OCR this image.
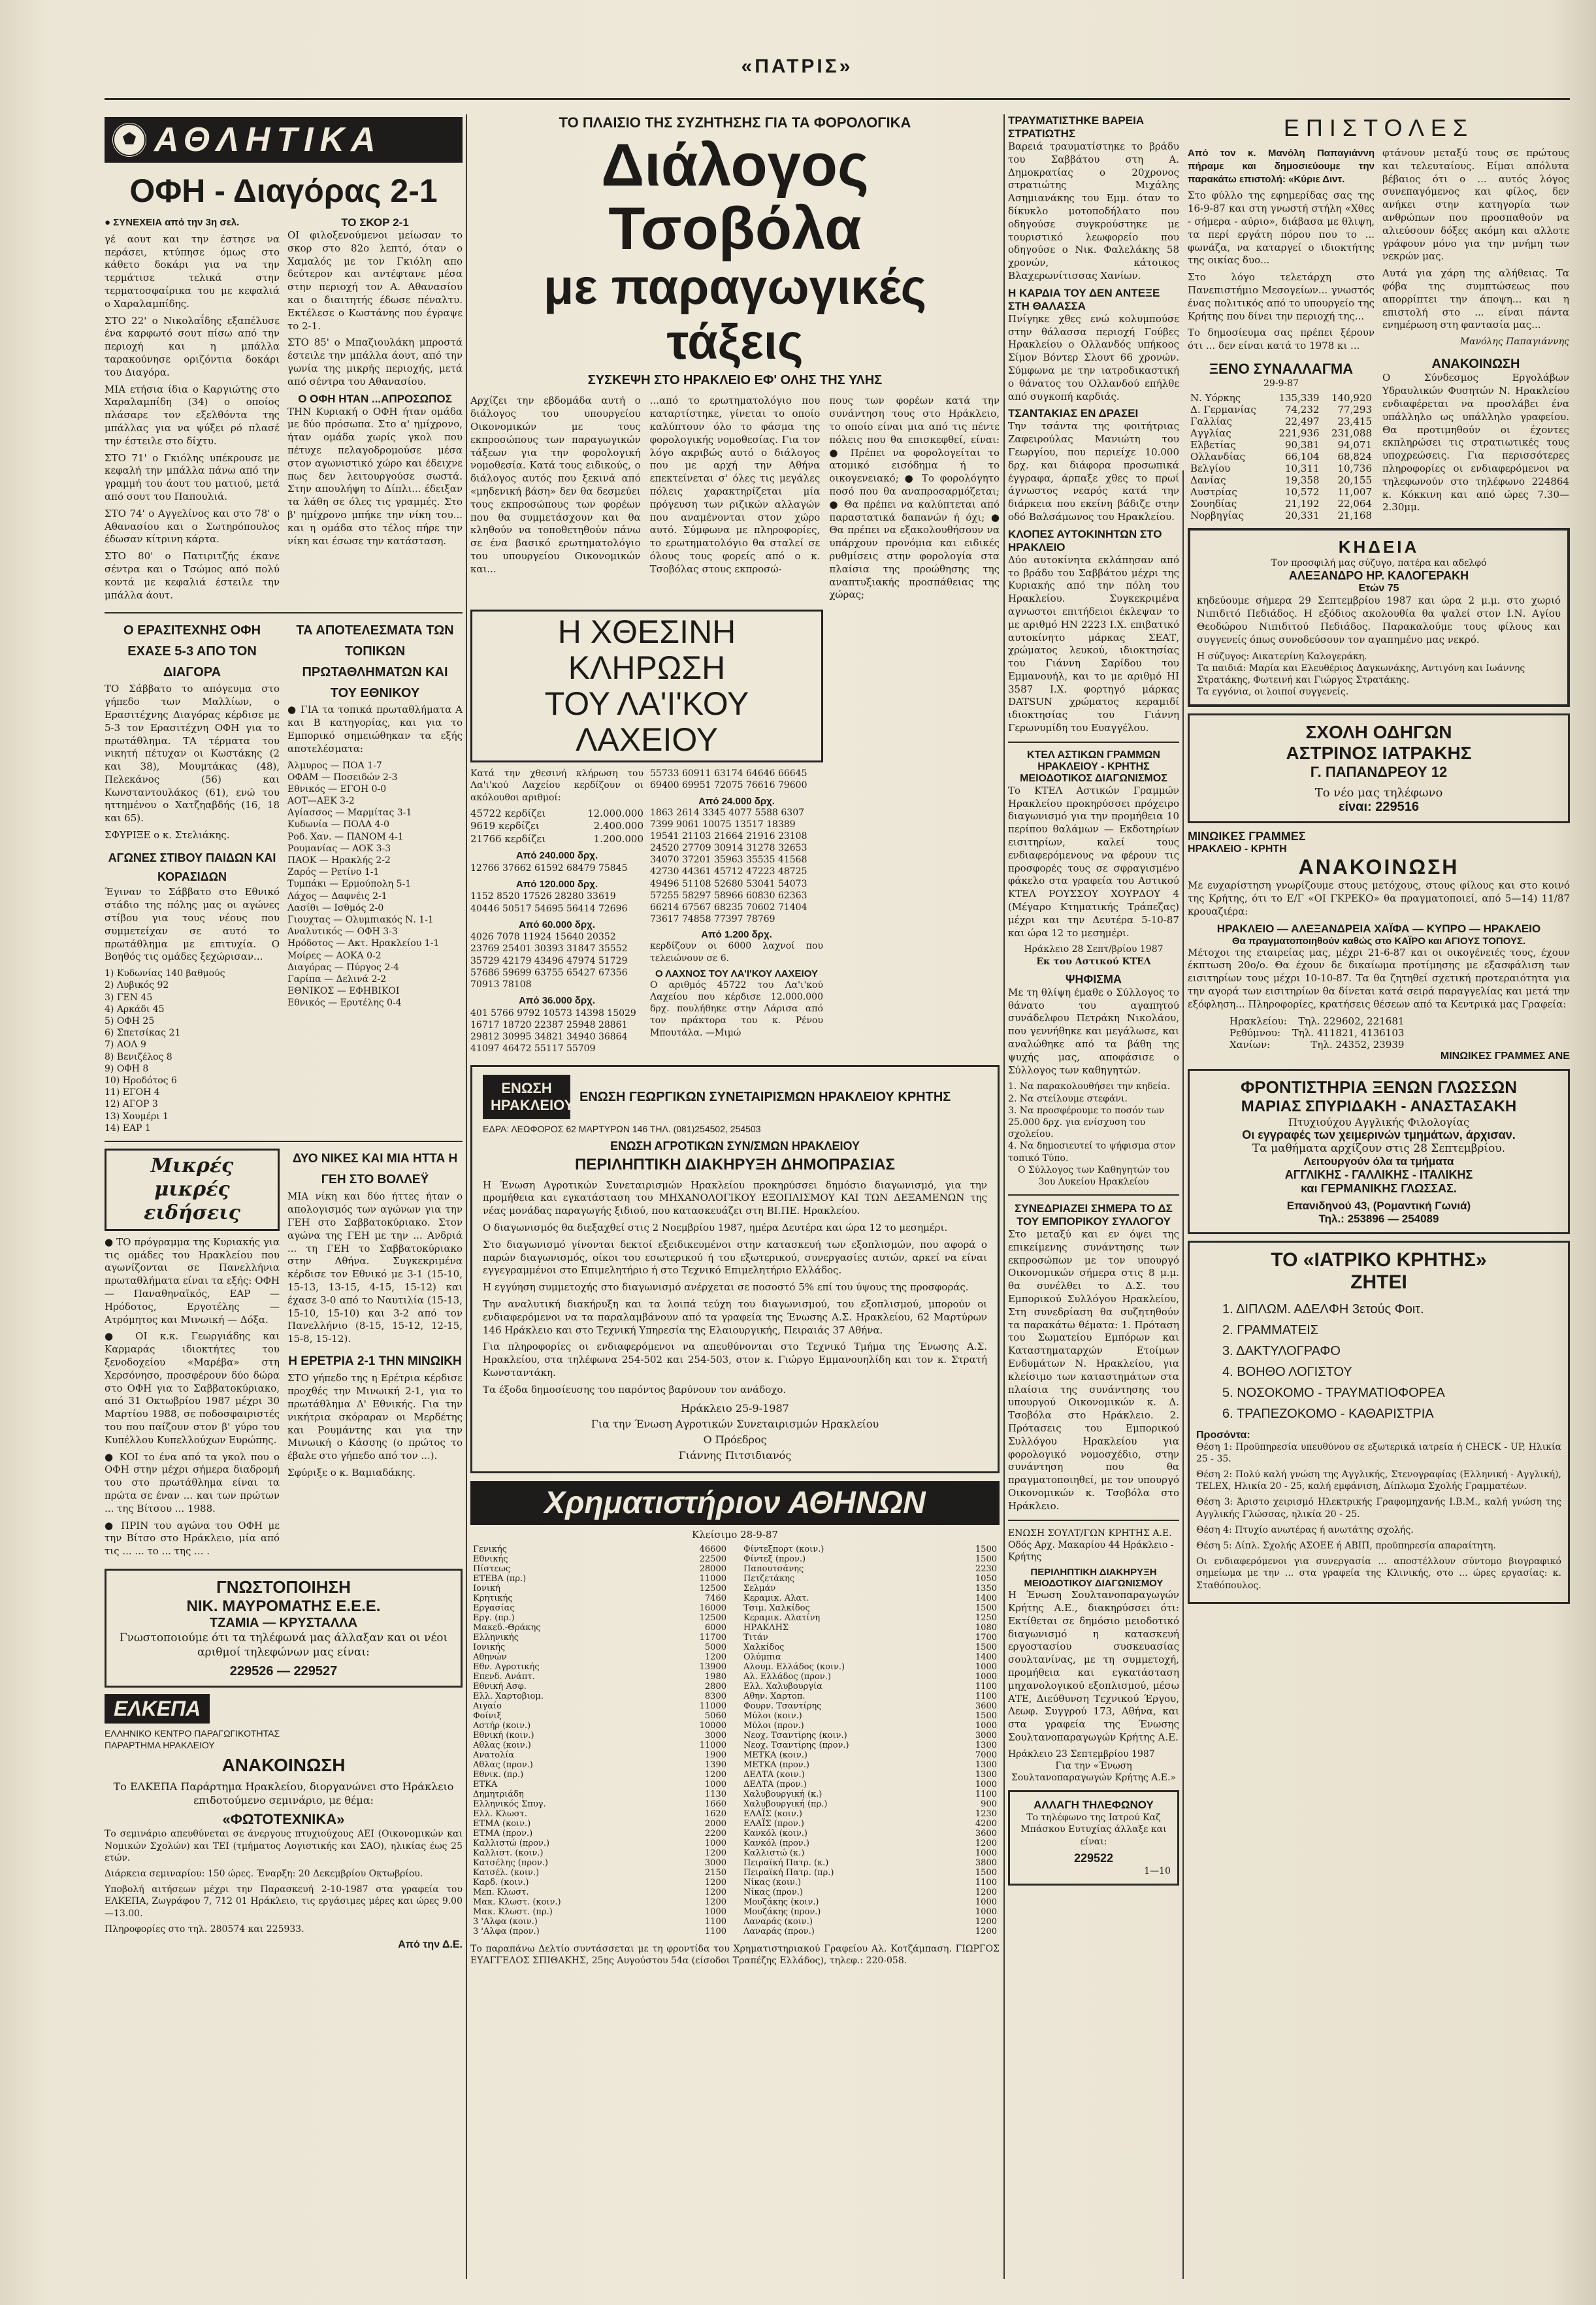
«ΠΑΤΡΙΣ»
ΑΘΛΗΤΙΚΑ
ΟΦΗ - Διαγόρας 2-1
● ΣΥΝΕΧΕΙΑ από την 3η σελ.

γέ αουτ και την έστησε να περάσει, κτύπησε όμως στο κάθετο δοκάρι για να την τερμάτισε τελικά στην τερματοσφαίρικα του με κεφαλιά ο Χαραλαμπίδης.

ΣΤΟ 22' ο Νικολαΐδης εξαπέλυσε ένα καρφωτό σουτ πίσω από την περιοχή και η μπάλλα ταρακούνησε οριζόντια δοκάρι του Διαγόρα.

ΜΙΑ ετήσια ίδια ο Καργιώτης στο Χαραλαμπίδη (34) ο οποίος πλάσαρε τον εξελθόντα της μπάλλας για να ψύξει ρό πλασέ την έστειλε στο δίχτυ.

ΣΤΟ 71' ο Γκιόλης υπέκρουσε με κεφαλή την μπάλλα πάνω από την γραμμή του άουτ του ματιού, μετά από σουτ του Παπουλιά.

ΣΤΟ 74' ο Αγγελίνος και στο 78' ο Αθανασίου και ο Σωτηρόπουλος έδωσαν κίτρινη κάρτα.

ΣΤΟ 80' ο Πατιριτζής έκανε σέντρα και ο Τσώμος από πολύ κοντά με κεφαλιά έστειλε την μπάλλα άουτ.

ΤΟ ΣΚΟΡ 2-1

ΟΙ φιλοξενούμενοι μείωσαν το σκορ στο 82ο λεπτό, όταν ο Χαμαλός με τον Γκιόλη απο δεύτερον και αντέφτανε μέσα στην περιοχή τον Α. Αθανασίου και ο διαιτητής έδωσε πέναλτυ. Εκτέλεσε ο Κωστάνης που έγραψε το 2-1.

ΣΤΟ 85' ο Μπαζιουλάκη μπροστά έστειλε την μπάλλα άουτ, από την γωνία της μικρής περιοχής, μετά από σέντρα του Αθανασίου.

Ο ΟΦΗ ΗΤΑΝ ...ΑΠΡΟΣΩΠΟΣ

ΤΗΝ Κυριακή ο ΟΦΗ ήταν ομάδα με δύο πρόσωπα. Στο α' ημίχρονο, ήταν ομάδα χωρίς γκολ που πέτυχε πελαγοδρομούσε μέσα στον αγωνιστικό χώρο και έδειχνε πως δεν λειτουργούσε σωστά. Στην απουλήψη το Δίπλι... έδειξαν τα λάθη σε όλες τις γραμμές. Στο β' ημίχρονο μπήκε την νίκη του... και η ομάδα στο τέλος πήρε την νίκη και έσωσε την κατάσταση.

Ο ΕΡΑΣΙΤΕΧΝΗΣ ΟΦΗ ΕΧΑΣΕ 5-3 ΑΠΟ ΤΟΝ ΔΙΑΓΟΡΑ

ΤΟ Σάββατο το απόγευμα στο γήπεδο των Μαλλίων, ο Ερασιτέχνης Διαγόρας κέρδισε με 5-3 τον Ερασιτέχνη ΟΦΗ για το πρωτάθλημα. ΤΑ τέρματα του νικητή πέτυχαν οι Κωστάκης (2 και 38), Μουμτάκας (48), Πελεκάνος (56) και Κωνσταντουλάκος (61), ενώ του ηττημένου ο Χατζηαβδής (16, 18 και 65).

ΣΦΥΡΙΞΕ ο κ. Στελιάκης.

ΑΓΩΝΕΣ ΣΤΙΒΟΥ ΠΑΙΔΩΝ ΚΑΙ ΚΟΡΑΣΙΔΩΝ

Έγιναν το Σάββατο στο Εθνικό στάδιο της πόλης μας οι αγώνες στίβου για τους νέους που συμμετείχαν σε αυτό το πρωτάθλημα με επιτυχία. Ο Βοηθός τις ομάδες ξεχώρισαν...

1) Κυδωνίας 140 βαθμούς
2) Λυβικός 92
3) ΓΕΝ 45
4) Αρκάδι 45
5) ΟΦΗ 25
6) Σπετσίκας 21
7) ΑΟΛ 9
8) Βενιζέλος 8
9) ΟΦΗ 8
10) Ηροδότος 6
11) ΕΓΟΗ 4
12) ΑΓΟΡ 3
13) Χουμέρι 1
14) ΕΑΡ 1
ΤΑ ΑΠΟΤΕΛΕΣΜΑΤΑ ΤΩΝ ΤΟΠΙΚΩΝ ΠΡΩΤΑΘΛΗΜΑΤΩΝ ΚΑΙ ΤΟΥ ΕΘΝΙΚΟΥ

● ΓΙΑ τα τοπικά πρωταθλήματα Α και Β κατηγορίας, και για το Εμπορικό σημειώθηκαν τα εξής αποτελέσματα:

Άλμυρος — ΠΟΑ 1-7
ΟΦΑΜ — Ποσειδών 2-3
Εθνικός — ΕΓΟΗ 0-0
ΑΟΤ—ΑΕΚ 3-2
Αγίασσος — Μαρμίτας 3-1
Κυδωνία — ΠΟΛΑ 4-0
Ροδ. Χαν. — ΠΑΝΟΜ 4-1
Ρουμανίας — ΑΟΚ 3-3
ΠΑΟΚ — Ηρακλής 2-2
Ζαρός — Ρετίνο 1-1
Τυμπάκι — Ερμούπολη 5-1
Λάχος — Δαφνέις 2-1
Λασίθι — Ισθμός 2-0
Γιουχτας — Ολυμπιακός Ν. 1-1
Αναλυτικός — ΟΦΗ 3-3
Ηρόδοτος — Ακτ. Ηρακλείου 1-1
Μοίρες — ΑΟΚΑ 0-2
Διαγόρας — Πύργος 2-4
Γαρίπα — Δελινά 2-2
ΕΘΝΙΚΟΣ — ΕΦΗΒΙΚΟΙ
Εθνικός — Ερυτέλης 0-4
Μικρές μικρές ειδήσεις
● ΤΟ πρόγραμμα της Κυριακής για τις ομάδες του Ηρακλείου που αγωνίζονται σε Πανελλήνια πρωταθλήματα είναι τα εξής: ΟΦΗ — Παναθηναϊκός, ΕΑΡ — Ηρόδοτος, Εργοτέλης — Ατρόμητος και Μινωική — Δόξα.
● ΟΙ κ.κ. Γεωργιάδης και Καρμαράς ιδιοκτήτες του ξενοδοχείου «Μαρέβα» στη Χερσόνησο, προσφέρουν δύο δώρα στο ΟΦΗ για το Σαββατοκύριακο, από 31 Οκτωβρίου 1987 μέχρι 30 Μαρτίου 1988, σε ποδοσφαιριστές του που παίζουν στον β' γύρο του Κυπέλλου Κυπελλούχων Ευρώπης.
● ΚΟΙ το ένα από τα γκολ που ο ΟΦΗ στην μέχρι σήμερα διαδρομή του στο πρωτάθλημα είναι τα πρώτα σε έναν ... και των πρώτων ... της Βίτσου ... 1988.
● ΠΡΙΝ του αγώνα του ΟΦΗ με την Βίτσο στο Ηράκλειο, μία από τις ... ... το ... της ... .
ΔΥΟ ΝΙΚΕΣ ΚΑΙ ΜΙΑ ΗΤΤΑ Η ΓΕΗ ΣΤΟ ΒΟΛΛΕΫ

ΜΙΑ νίκη και δύο ήττες ήταν ο απολογισμός των αγώνων για την ΓΕΗ στο Σαββατοκύριακο. Στον αγώνα της ΓΕΗ με την ... Ανδριά ... τη ΓΕΗ το Σαββατοκύριακο στην Αθήνα. Συγκεκριμένα κέρδισε τον Εθνικό με 3-1 (15-10, 15-13, 13-15, 4-15, 15-12) και έχασε 3-0 από το Ναυτιλία (15-13, 15-10, 15-10) και 3-2 από τον Πανελλήνιο (8-15, 15-12, 12-15, 15-8, 15-12).

Η ΕΡΕΤΡΙΑ 2-1 ΤΗΝ ΜΙΝΩΙΚΗ

ΣΤΟ γήπεδο της η Ερέτρια κέρδισε προχθές την Μινωική 2-1, για το πρωτάθλημα Δ' Εθνικής. Για την νικήτρια σκόραραν οι Μερδέτης και Ρουμάντης και για την Μινωική ο Κάσσης (ο πρώτος το έβαλε στο γήπεδο από τον ...).

Σφύριξε ο κ. Βαμιαδάκης.

ΓΝΩΣΤΟΠΟΙΗΣΗ
ΝΙΚ. ΜΑΥΡΟΜΑΤΗΣ Ε.Ε.Ε.
ΤΖΑΜΙΑ — ΚΡΥΣΤΑΛΛΑ

Γνωστοποιούμε ότι τα τηλέφωνά μας άλλαξαν και οι νέοι αριθμοί τηλεφώνων μας είναι:

229526 — 229527
ΕΛΚΕΠΑ
ΕΛΛΗΝΙΚΟ ΚΕΝΤΡΟ ΠΑΡΑΓΩΓΙΚΟΤΗΤΑΣ
ΠΑΡΑΡΤΗΜΑ ΗΡΑΚΛΕΙΟΥ
ΑΝΑΚΟΙΝΩΣΗ

Το ΕΛΚΕΠΑ Παράρτημα Ηρακλείου, διοργανώνει στο Ηράκλειο επιδοτούμενο σεμινάριο, με θέμα:

«ΦΩΤΟΤΕΧΝΙΚΑ»

Το σεμινάριο απευθύνεται σε άνεργους πτυχιούχους ΑΕΙ (Οικονομικών και Νομικών Σχολών) και ΤΕΙ (τμήματος Λογιστικής και ΣΑΟ), ηλικίας έως 25 ετών.

Διάρκεια σεμιναρίου: 150 ώρες. Έναρξη: 20 Δεκεμβρίου Οκτωβρίου.

Υποβολή αιτήσεων μέχρι την Παρασκευή 2-10-1987 στα γραφεία του ΕΛΚΕΠΑ, Ζωγράφου 7, 712 01 Ηράκλειο, τις εργάσιμες μέρες και ώρες 9.00—13.00.

Πληροφορίες στο τηλ. 280574 και 225933.

Από την Δ.Ε.
ΤΟ ΠΛΑΙΣΙΟ ΤΗΣ ΣΥΖΗΤΗΣΗΣ ΓΙΑ ΤΑ ΦΟΡΟΛΟΓΙΚΑ
Διάλογος Τσοβόλα
με παραγωγικές τάξεις
ΣΥΣΚΕΨΗ ΣΤΟ ΗΡΑΚΛΕΙΟ ΕΦ' ΟΛΗΣ ΤΗΣ ΥΛΗΣ

Αρχίζει την εβδομάδα αυτή ο διάλογος του υπουργείου Οικονομικών με τους εκπροσώπους των παραγωγικών τάξεων για την φορολογική νομοθεσία. Κατά τους ειδικούς, ο διάλογος αυτός που ξεκινά από «μηδενική βάση» δεν θα δεσμεύει τους εκπροσώπους των φορέων που θα συμμετάσχουν και θα κληθούν να τοποθετηθούν πάνω σε ένα βασικό ερωτηματολόγιο του υπουργείου Οικονομικών και...

...από το ερωτηματολόγιο που καταρτίστηκε, γίνεται το οποίο καλύπτουν όλο το φάσμα της φορολογικής νομοθεσίας. Για τον λόγο ακριβώς αυτό ο διάλογος που με αρχή την Αθήνα επεκτείνεται σ' όλες τις μεγάλες πόλεις χαρακτηρίζεται μία πρόγευση των ριζικών αλλαγών που αναμένονται στον χώρο αυτό. Σύμφωνα με πληροφορίες, το ερωτηματολόγιο θα σταλεί σε όλους τους φορείς από ο κ. Τσοβόλας στους εκπροσώ-

πους των φορέων κατά την συνάντηση τους στο Ηράκλειο, το οποίο είναι μια από τις πέντε πόλεις που θα επισκεφθεί, είναι: ● Πρέπει να φορολογείται το ατομικό εισόδημα ή το οικογενειακό; ● Το φορολόγητο ποσό που θα αναπροσαρμόζεται; ● Θα πρέπει να καλύπτεται από παραστατικά δαπανών ή όχι; ● Θα πρέπει να εξακολουθήσουν να υπάρχουν προνόμια και ειδικές ρυθμίσεις στην φορολογία στα πλαίσια της προώθησης της αναπτυξιακής προσπάθειας της χώρας;

Η ΧΘΕΣΙΝΗ ΚΛΗΡΩΣΗ
ΤΟΥ ΛΑ'Ι'ΚΟΥ ΛΑΧΕΙΟΥ

Κατά την χθεσινή κλήρωση του Λα'ι'κού Λαχείου κερδίζουν οι ακόλουθοι αριθμοί:

45722 κερδίζει	12.000.000
9619 κερδίζει	2.400.000
21766 κερδίζει	1.200.000
Από 240.000 δρχ.

12766 37662 61592 68479 75845

Από 120.000 δρχ.

1152 8520 17526 28280 33619 40446 50517 54695 56414 72696

Από 60.000 δρχ.

4026 7078 11924 15640 20352 23769 25401 30393 31847 35552 35729 42179 43496 47974 51729 57686 59699 63755 65427 67356 70913 78108

Από 36.000 δρχ.

401 5766 9792 10573 14398 15029 16717 18720 22387 25948 28861 29812 30995 34821 34940 36864 41097 46472 55117 55709

55733 60911 63174 64646 66645 69400 69951 72075 76616 79600

Από 24.000 δρχ.

1863 2614 3345 4077 5588 6307 7399 9061 10075 13517 18389 19541 21103 21664 21916 23108 24520 27709 30914 31278 32653 34070 37201 35963 35535 41568 42730 44361 45712 47223 48725 49496 51108 52680 53041 54073 57255 58297 58966 60830 62363 66214 67567 68235 70602 71404 73617 74858 77397 78769

Από 1.200 δρχ.

κερδίζουν οι 6000 λαχνοί που τελειώνουν σε 6.

Ο ΛΑΧΝΟΣ ΤΟΥ ΛΑ'Ι'ΚΟΥ ΛΑΧΕΙΟΥ

Ο αριθμός 45722 του Λα'ι'κού Λαχείου που κέρδισε 12.000.000 δρχ. πουλήθηκε στην Λάρισα από τον πράκτορα του κ. Ρένου Μπουτάλα. —Μιμώ

ΕΝΩΣΗ ΗΡΑΚΛΕΙΟΥ
ΕΝΩΣΗ ΓΕΩΡΓΙΚΩΝ ΣΥΝΕΤΑΙΡΙΣΜΩΝ ΗΡΑΚΛΕΙΟΥ ΚΡΗΤΗΣ
ΕΔΡΑ: ΛΕΩΦΟΡΟΣ 62 ΜΑΡΤΥΡΩΝ 146 ΤΗΛ. (081)254502, 254503
ΕΝΩΣΗ ΑΓΡΟΤΙΚΩΝ ΣΥΝ/ΣΜΩΝ ΗΡΑΚΛΕΙΟΥ
ΠΕΡΙΛΗΠΤΙΚΗ ΔΙΑΚΗΡΥΞΗ ΔΗΜΟΠΡΑΣΙΑΣ

Η Ένωση Αγροτικών Συνεταιρισμών Ηρακλείου προκηρύσσει δημόσιο διαγωνισμό, για την προμήθεια και εγκατάσταση του ΜΗΧΑΝΟΛΟΓΙΚΟΥ ΕΞΟΠΛΙΣΜΟΥ ΚΑΙ ΤΩΝ ΔΕΞΑΜΕΝΩΝ της νέας μονάδας παραγωγής ξιδιού, που κατασκευάζει στη ΒΙ.ΠΕ. Ηρακλείου.

Ο διαγωνισμός θα διεξαχθεί στις 2 Νοεμβρίου 1987, ημέρα Δευτέρα και ώρα 12 το μεσημέρι.

Στο διαγωνισμό γίνονται δεκτοί εξειδικευμένοι στην κατασκευή των εξοπλισμών, που αφορά ο παρών διαγωνισμός, οίκοι του εσωτερικού ή του εξωτερικού, συνεργασίες αυτών, αρκεί να είναι εγγεγραμμένοι στο Επιμελητήριο ή στο Τεχνικό Επιμελητήριο Ελλάδος.

Η εγγύηση συμμετοχής στο διαγωνισμό ανέρχεται σε ποσοστό 5% επί του ύψους της προσφοράς.

Την αναλυτική διακήρυξη και τα λοιπά τεύχη του διαγωνισμού, του εξοπλισμού, μπορούν οι ενδιαφερόμενοι να τα παραλαμβάνουν από τα γραφεία της Ένωσης Α.Σ. Ηρακλείου, 62 Μαρτύρων 146 Ηράκλειο και στο Τεχνική Υπηρεσία της Ελαιουργικής, Πειραιάς 37 Αθήνα.

Για πληροφορίες οι ενδιαφερόμενοι να απευθύνονται στο Τεχνικό Τμήμα της Ένωσης Α.Σ. Ηρακλείου, στα τηλέφωνα 254-502 και 254-503, στον κ. Γιώργο Εμμανουηλίδη και τον κ. Στρατή Κωνσταντάκη.

Τα έξοδα δημοσίευσης του παρόντος βαρύνουν τον ανάδοχο.

Ηράκλειο 25-9-1987
Για την Ένωση Αγροτικών Συνεταιρισμών Ηρακλείου
Ο Πρόεδρος
Γιάννης Πιτσιδιανός
Χρηματιστήριον ΑΘΗΝΩΝ
Κλείσιμο 28-9-87
Γενικής	46600
Εθνικής	22500
Πίστεως	28000
ΕΤΕΒΑ (πρ.)	11000
Ιονική	12500
Κρητικής	7460
Εργασίας	16000
Εργ. (πρ.)	12500
Μακεδ.-Θράκης	6000
Ελληνικής	11700
Ιονικής	5000
Αθηνών	1200
Εθν. Αγροτικής	13900
Επενδ. Ανάπτ.	1980
Εθνική Ασφ.	2800
Ελλ. Χαρτοβιομ.	8300
Αιγαίο	11000
Φοίνιξ	5060
Αστήρ (κοιν.)	10000
Εθνική (κοιν.)	3000
Αθλας (κοιν.)	11000
Ανατολία	1900
Αθλας (προν.)	1390
Εθνικ. (πρ.)	1200
ΕΤΚΑ	1000
Δημητριάδη	1130
Ελληνικός Σπυγ.	1660
Ελλ. Κλωστ.	1620
ΕΤΜΑ (κοιν.)	2000
ΕΤΜΑ (προν.)	2200
Καλλιστώ (προν.)	1000
Καλλιστ. (κοιν.)	1200
Κατσέλης (προν.)	3000
Κατσέλ. (κοιν.)	2150
Καρδ. (κοιν.)	1200
Μεπ. Κλωστ.	1200
Μακ. Κλωστ. (κοιν.)	1200
Μακ. Κλωστ. (πρ.)	1000
3 'Αλφα (κοιν.)	1100
3 'Αλφα (προν.)	1100
Φίντεξπορτ (κοιν.)	1500
Φίντεξ (προν.)	1500
Παπουτσάνης	2230
Πετζετάκης	1050
Σελμάν	1350
Κεραμικ. Αλατ.	1400
Τσιμ. Χαλκίδος	1500
Κεραμικ. Αλατίνη	1250
ΗΡΑΚΛΗΣ	1080
Τιτάν	1700
Χαλκίδος	1500
Ολύμπια	1400
Αλουμ. Ελλάδος (κοιν.)	1000
Αλ. Ελλάδος (προν.)	1000
Ελλ. Χαλυβουργία	1100
Αθην. Χαρτοπ.	1100
Φουρν. Τσαντίρης	3600
Μύλοι (κοιν.)	1500
Μύλοι (προν.)	1000
Νεοχ. Τσαντίρης (κοιν.)	3000
Νεοχ. Τσαντίρης (προν.)	1300
ΜΕΤΚΑ (κοιν.)	7000
ΜΕΤΚΑ (προν.)	1300
ΔΕΛΤΑ (κοιν.)	1300
ΔΕΛΤΑ (προν.)	1000
Χαλυβουργική (κ.)	1100
Χαλυβουργική (πρ.)	900
ΕΛΑΪΣ (κοιν.)	1230
ΕΛΑΪΣ (προν.)	4200
Κανκόλ (κοιν.)	3600
Κανκόλ (προν.)	1200
Καλλιστώ (κ.)	1000
Πειραϊκή Πατρ. (κ.)	3800
Πειραϊκή Πατρ. (πρ.)	1500
Νίκας (κοιν.)	1100
Νίκας (προν.)	1200
Μουζάκης (κοιν.)	1000
Μουζάκης (προν.)	1000
Λαναράς (κοιν.)	1200
Λαναράς (προν.)	1200

Το παραπάνω Δελτίο συντάσσεται με τη φροντίδα του Χρηματιστηριακού Γραφείου Αλ. Κοτζάμπαση. ΓΙΩΡΓΟΣ ΕΥΑΓΓΕΛΟΣ ΣΠΙΘΑΚΗΣ, 25ης Αυγούστου 54α (είσοδοι Τραπέζης Ελλάδος), τηλεφ.: 220-058.

ΤΡΑΥΜΑΤΙΣΤΗΚΕ ΒΑΡΕΙΑ ΣΤΡΑΤΙΩΤΗΣ

Βαρειά τραυματίστηκε το βράδυ του Σαββάτου στη Α. Δημοκρατίας ο 20χρονος στρατιώτης Μιχάλης Ασημιανάκης του Εμμ. όταν το δίκυκλο μοτοποδήλατο που οδηγούσε συγκρούστηκε με τουριστικό λεωφορείο που οδηγούσε ο Νικ. Φαλελάκης 58 χρονών, κάτοικος Βλαχερωνίτισσας Χανίων.

Η ΚΑΡΔΙΑ ΤΟΥ ΔΕΝ ΑΝΤΕΞΕ ΣΤΗ ΘΑΛΑΣΣΑ

Πνίγηκε χθες ενώ κολυμπούσε στην θάλασσα περιοχή Γούβες Ηρακλείου ο Ολλανδός υπήκοος Σίμον Βόντερ Σλουτ 66 χρονών. Σύμφωνα με την ιατροδικαστική ο θάνατος του Ολλανδού επήλθε από συγκοπή καρδιάς.

ΤΣΑΝΤΑΚΙΑΣ ΕΝ ΔΡΑΣΕΙ

Την τσάντα της φοιτήτριας Ζαφειρούλας Μανιώτη του Γεωργίου, που περιείχε 10.000 δρχ. και διάφορα προσωπικά έγγραφα, άρπαξε χθες το πρωί άγνωστος νεαρός κατά την διάρκεια που εκείνη βάδιζε στην οδό Βαλσάμωνος του Ηρακλείου.

ΚΛΟΠΕΣ ΑΥΤΟΚΙΝΗΤΩΝ ΣΤΟ ΗΡΑΚΛΕΙΟ

Δύο αυτοκίνητα εκλάπησαν από το βράδυ του Σαββάτου μέχρι της Κυριακής από την πόλη του Ηρακλείου. Συγκεκριμένα αγνωστοι επιτήδειοι έκλεψαν το με αριθμό ΗΝ 2223 Ι.Χ. επιβατικό αυτοκίνητο μάρκας ΣΕΑΤ, χρώματος λευκού, ιδιοκτησίας του Γιάννη Σαρίδου του Εμμανουήλ, και το με αριθμό ΗΙ 3587 Ι.Χ. φορτηγό μάρκας DATSUN χρώματος κεραμιδί ιδιοκτησίας του Γιάννη Γερωνυμίδη του Ευαγγέλου.

ΚΤΕΛ ΑΣΤΙΚΩΝ ΓΡΑΜΜΩΝ ΗΡΑΚΛΕΙΟΥ - ΚΡΗΤΗΣ
ΜΕΙΟΔΟΤΙΚΟΣ ΔΙΑΓΩΝΙΣΜΟΣ

Το ΚΤΕΛ Αστικών Γραμμών Ηρακλείου προκηρύσσει πρόχειρο διαγωνισμό για την προμήθεια 10 περίπου θαλάμων — Εκδοτηρίων εισιτηρίων, καλεί τους ενδιαφερόμενους να φέρουν τις προσφορές τους σε σφραγισμένο φάκελο στα γραφεία του Αστικού ΚΤΕΛ ΡΟΥΣΣΟΥ ΧΟΥΡΔΟΥ 4 (Μέγαρο Κτηματικής Τράπεζας) μέχρι και την Δευτέρα 5-10-87 και ώρα 12 το μεσημέρι.

Ηράκλειο 28 Σεπτ/βρίου 1987
Εκ του Αστικού ΚΤΕΛ
ΨΗΦΙΣΜΑ

Με τη θλίψη έμαθε ο Σύλλογος το θάνατο του αγαπητού συνάδελφου Πετράκη Νικολάου, που γεννήθηκε και μεγάλωσε, και αναλώθηκε από τα βάθη της ψυχής μας, αποφάσισε ο Σύλλογος των καθηγητών.

1. Να παρακολουθήσει την κηδεία.
2. Να στείλουμε στεφάνι.
3. Να προσφέρουμε το ποσόν των 25.000 δρχ. για ενίσχυση του σχολείου.
4. Να δημοσιευτεί το ψήφισμα στον τοπικό Τύπο.

Ο Σύλλογος των Καθηγητών του 3ου Λυκείου Ηρακλείου

ΣΥΝΕΔΡΙΑΖΕΙ ΣΗΜΕΡΑ ΤΟ ΔΣ ΤΟΥ ΕΜΠΟΡΙΚΟΥ ΣΥΛΛΟΓΟΥ

Στο μεταξύ και εν όψει της επικείμενης συνάντησης των εκπροσώπων με τον υπουργό Οικονομικών σήμερα στις 8 μ.μ. θα συνέλθει το Δ.Σ. του Εμπορικού Συλλόγου Ηρακλείου, Στη συνεδρίαση θα συζητηθούν τα παρακάτω θέματα: 1. Πρόταση του Σωματείου Εμπόρων και Καταστηματαρχών Ετοίμων Ενδυμάτων Ν. Ηρακλείου, για κλείσιμο των καταστημάτων στα πλαίσια της συνάντησης του υπουργού Οικονομικών κ. Δ. Τσοβόλα στο Ηράκλειο. 2. Πρότασεις του Εμπορικού Συλλόγου Ηρακλείου για φορολογικό νομοσχέδιο, στην συνάντηση που θα πραγματοποιηθεί, με τον υπουργό Οικονομικών κ. Τσοβόλα στο Ηράκλειο.

ΕΝΩΣΗ ΣΟΥΛΤ/ΓΩΝ ΚΡΗΤΗΣ Α.Ε. Οδός Αρχ. Μακαρίου 44 Ηράκλειο - Κρήτης

ΠΕΡΙΛΗΠΤΙΚΗ ΔΙΑΚΗΡΥΞΗ ΜΕΙΟΔΟΤΙΚΟΥ ΔΙΑΓΩΝΙΣΜΟΥ

Η Ένωση Σουλτανοπαραγωγών Κρήτης Α.Ε., διακηρύσσει ότι: Εκτίθεται σε δημόσιο μειοδοτικό διαγωνισμό η κατασκευή εργοστασίου συσκευασίας σουλτανίνας, με τη συμμετοχή, προμήθεια και εγκατάσταση μηχανολογικού εξοπλισμού, μέσω ΑΤΕ, Διεύθυνση Τεχνικού Έργου, Λεωφ. Συγγρού 173, Αθήνα, και στα γραφεία της Ένωσης Σουλτανοπαραγωγών Κρήτης Α.Ε.

Ηράκλειο 23 Σεπτεμβρίου 1987
Για την «Ένωση Σουλτανοπαραγωγών Κρήτης Α.Ε.»
ΑΛΛΑΓΗ ΤΗΛΕΦΩΝΟΥ

Το τηλέφωνο της Ιατρού Καζ Μπάσκου Ευτυχίας άλλαξε και είναι:

229522
1—10
ΕΠΙΣΤΟΛΕΣ
Από τον κ. Μανόλη Παπαγιάννη πήραμε και δημοσιεύουμε την παρακάτω επιστολή: «Κύριε Διντ.

Στο φύλλο της εφημερίδας σας της 16-9-87 και στη γνωστή στήλη «Χθες - σήμερα - αύριο», διάβασα με θλιψη, τα περί εργάτη πόρου που το ... φωνάζα, να καταργεί ο ιδιοκτήτης της οικίας δυο...

Στο λόγο τελετάρχη στο Πανεπιστήμιο Μεσογείων... γνωστός ένας πολιτικός από το υπουργείο της Κρήτης που δίνει την περιοχή της...

Το δημοσίευμα σας πρέπει ξέρουν ότι ... δεν είναι κατά το 1978 κι ...

ΞΕΝΟ ΣΥΝΑΛΛΑΓΜΑ
29-9-87
Ν. Υόρκης	135,339	140,920
Δ. Γερμανίας	74,232	77,293
Γαλλίας	22,497	23,415
Αγγλίας	221,936	231,088
Ελβετίας	90,381	94,071
Ολλανδίας	66,104	68,824
Βελγίου	10,311	10,736
Δανίας	19,358	20,155
Αυστρίας	10,572	11,007
Σουηδίας	21,192	22,064
Νορβηγίας	20,331	21,168

φτάνουν μεταξύ τους σε πρώτους και τελευταίους. Είμαι απόλυτα βέβαιος ότι ο ... αυτός λόγος συνεπαγόμενος και φίλος, δεν ανήκει στην κατηγορία των ανθρώπων που προσπαθούν να αλιεύσουν δόξες ακόμη και αλλοτε γράφουν μόνο για την μνήμη των νεκρών μας.

Αυτά για χάρη της αλήθειας. Τα φόβα της συμπτώσεως που απορρίπτει την άποψη... και η επιστολή στο ... είναι πάντα ενημέρωση στη φαντασία μας...

Μανόλης Παπαγιάννης
ΑΝΑΚΟΙΝΩΣΗ

Ο Σύνδεσμος Εργολάβων Υδραυλικών Φυσητών Ν. Ηρακλείου ενδιαφέρεται να προσλάβει ένα υπάλληλο ως υπάλληλο γραφείου. Θα προτιμηθούν οι έχοντες εκπληρώσει τις στρατιωτικές τους υποχρεώσεις. Για περισσότερες πληροφορίες οι ενδιαφερόμενοι να τηλεφωνούν στο τηλέφωνο 224864 κ. Κόκκινη και από ώρες 7.30—2.30μμ.

ΚΗΔΕΙΑ
Τον προσφιλή μας σύζυγο, πατέρα και αδελφό
ΑΛΕΞΑΝΔΡΟ ΗΡ. ΚΑΛΟΓΕΡΑΚΗ
Ετών 75

κηδεύουμε σήμερα 29 Σεπτεμβρίου 1987 και ώρα 2 μ.μ. στο χωριό Νιπιδιτό Πεδιάδος. Η εξόδιος ακολουθία θα ψαλεί στον Ι.Ν. Αγίου Θεοδώρου Νιπιδιτού Πεδιάδος. Παρακαλούμε τους φίλους και συγγενείς όπως συνοδεύσουν τον αγαπημένο μας νεκρό.

Η σύζυγος: Αικατερίνη Καλογεράκη.
Τα παιδιά: Μαρία και Ελευθέριος Δαγκωνάκης, Αντιγόνη και Ιωάννης Στρατάκης, Φωτεινή και Γιώργος Στρατάκης.
Τα εγγόνια, οι λοιποί συγγενείς.
ΣΧΟΛΗ ΟΔΗΓΩΝ
ΑΣΤΡΙΝΟΣ ΙΑΤΡΑΚΗΣ
Γ. ΠΑΠΑΝΔΡΕΟΥ 12
Το νέο μας τηλέφωνο
είναι: 229516
ΜΙΝΩΙΚΕΣ ΓΡΑΜΜΕΣ
ΗΡΑΚΛΕΙΟ - ΚΡΗΤΗ
ΑΝΑΚΟΙΝΩΣΗ

Με ευχαρίστηση γνωρίζουμε στους μετόχους, στους φίλους και στο κοινό της Κρήτης, ότι το Ε/Γ «ΟΙ ΓΚΡΕΚΟ» θα πραγματοποιεί, από 5—14) 11/87 κρουαζιέρα:

ΗΡΑΚΛΕΙΟ — ΑΛΕΞΑΝΔΡΕΙΑ ΧΑΪΦΑ — ΚΥΠΡΟ — ΗΡΑΚΛΕΙΟ
Θα πραγματοποιηθούν καθώς στο ΚΑΪΡΟ και ΑΓΙΟΥΣ ΤΟΠΟΥΣ.

Μέτοχοι της εταιρείας μας, μέχρι 21-6-87 και οι οικογένειές τους, έχουν έκπτωση 20ο/ο. Θα έχουν δε δικαίωμα προτίμησης με εξασφάλιση των εισιτηρίων τους μέχρι 10-10-87. Τα θα ζητηθεί σχετική προτεραιότητα για την αγορά των εισιτηρίων θα δίνεται κατά σειρά παραγγελίας και μετά την εξόφληση... Πληροφορίες, κρατήσεις θέσεων από τα Κεντρικά μας Γραφεία:

Ηρακλείου:	Τηλ. 229602, 221681
Ρεθύμνου:	Τηλ. 411821, 4136103
Χανίων:	Τηλ. 24352, 23939
ΜΙΝΩΙΚΕΣ ΓΡΑΜΜΕΣ ΑΝΕ
ΦΡΟΝΤΙΣΤΗΡΙΑ ΞΕΝΩΝ ΓΛΩΣΣΩΝ
ΜΑΡΙΑΣ ΣΠΥΡΙΔΑΚΗ - ΑΝΑΣΤΑΣΑΚΗ
Πτυχιούχου Αγγλικής Φιλολογίας
Οι εγγραφές των χειμερινών τμημάτων, άρχισαν.
Τα μαθήματα αρχίζουν στις 28 Σεπτεμβρίου.
Λειτουργούν όλα τα τμήματα
ΑΓΓΛΙΚΗΣ - ΓΑΛΛΙΚΗΣ - ΙΤΑΛΙΚΗΣ
και ΓΕΡΜΑΝΙΚΗΣ ΓΛΩΣΣΑΣ.
Επανιδηνού 43, (Ρομαντική Γωνιά)
Τηλ.: 253896 — 254089
ΤΟ «ΙΑΤΡΙΚΟ ΚΡΗΤΗΣ»
ΖΗΤΕΙ
1. ΔΙΠΛΩΜ. ΑΔΕΛΦΗ 3ετούς Φοιτ.
2. ΓΡΑΜΜΑΤΕΙΣ
3. ΔΑΚΤΥΛΟΓΡΑΦΟ
4. ΒΟΗΘΟ ΛΟΓΙΣΤΟΥ
5. ΝΟΣΟΚΟΜΟ - ΤΡΑΥΜΑΤΙΟΦΟΡΕΑ
6. ΤΡΑΠΕΖΟΚΟΜΟ - ΚΑΘΑΡΙΣΤΡΙΑ
Προσόντα:
Θέση 1: Προϋπηρεσία υπευθύνου σε εξωτερικά ιατρεία ή CHECK - UP, Ηλικία 25 - 35.
Θέση 2: Πολύ καλή γνώση της Αγγλικής, Στενογραφίας (Ελληνική - Αγγλική), TELEX, Ηλικία 20 - 25, καλή εμφάνιση, Δίπλωμα Σχολής Γραμματέων.
Θέση 3: Άριστο χειρισμό Ηλεκτρικής Γραφομηχανής Ι.Β.Μ., καλή γνώση της Αγγλικής Γλώσσας, ηλικία 20 - 25.
Θέση 4: Πτυχίο ανωτέρας ή ανωτάτης σχολής.
Θέση 5: Δίπλ. Σχολής ΑΣΟΕΕ ή ΑΒΙΠ, προϋπηρεσία απαραίτητη.

Οι ενδιαφερόμενοι για συνεργασία ... αποστέλλουν σύντομο βιογραφικό σημείωμα με την ... στα γραφεία της Κλινικής, στο ... ώρες εργασίας: κ. Σταθόπουλος.
